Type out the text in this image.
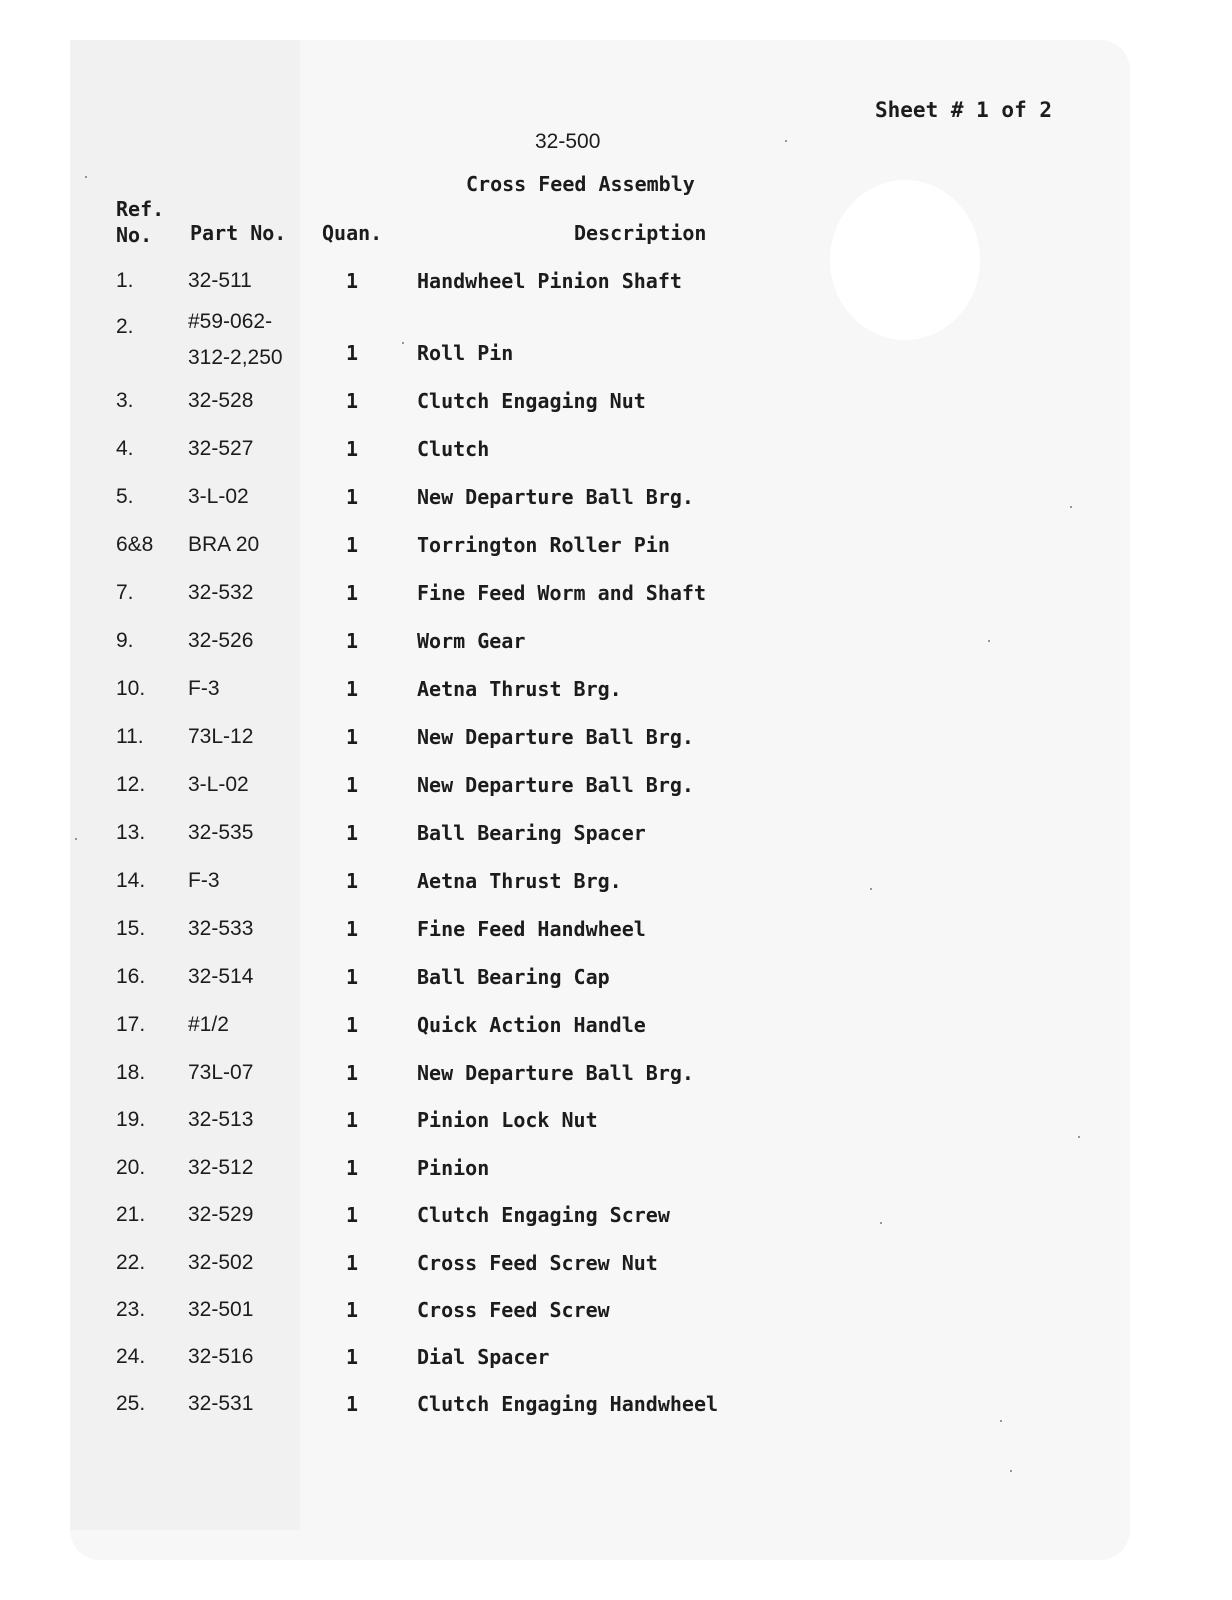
Sheet # 1 of 2
32-500
Cross Feed Assembly
Ref.
No.	Part No. Quan.	Description
1.	32-511	1	Handwheel Pinion Shaft
2.	#59-062-
312-2,250	1	Roll Pin
3.	32-528	1	Clutch Engaging Nut
4.	32-527	1	Clutch
5.	3-L-02	1	New Departure Ball Brg.
6&8 BRA 20	1	Torrington Roller Pin
7.	32-532	1	Fine Feed Worm and Shaft
9.	32-526	1	Worm Gear
10. F-3	1	Aetna Thrust Brg.
11. 73L-12	1	New Departure Ball Brg.
12. 3-L-02	1	New Departure Ball Brg.
13. 32-535	1	Ball Bearing Spacer
14. F-3	1	Aetna Thrust Brg.
15. 32-533	1	Fine Feed Handwheel
16. 32-514	1	Ball Bearing Cap
17. #1/2	1	Quick Action Handle
18. 73L-07	1	New Departure Ball Brg.
19. 32-513	1	Pinion Lock Nut
20. 32-512	1	Pinion
21. 32-529	1	Clutch Engaging Screw
22. 32-502	1	Cross Feed Screw Nut
23. 32-501	1	Cross Feed Screw
24. 32-516	1	Dial Spacer
25. 32-531	1	Clutch Engaging Handwheel
